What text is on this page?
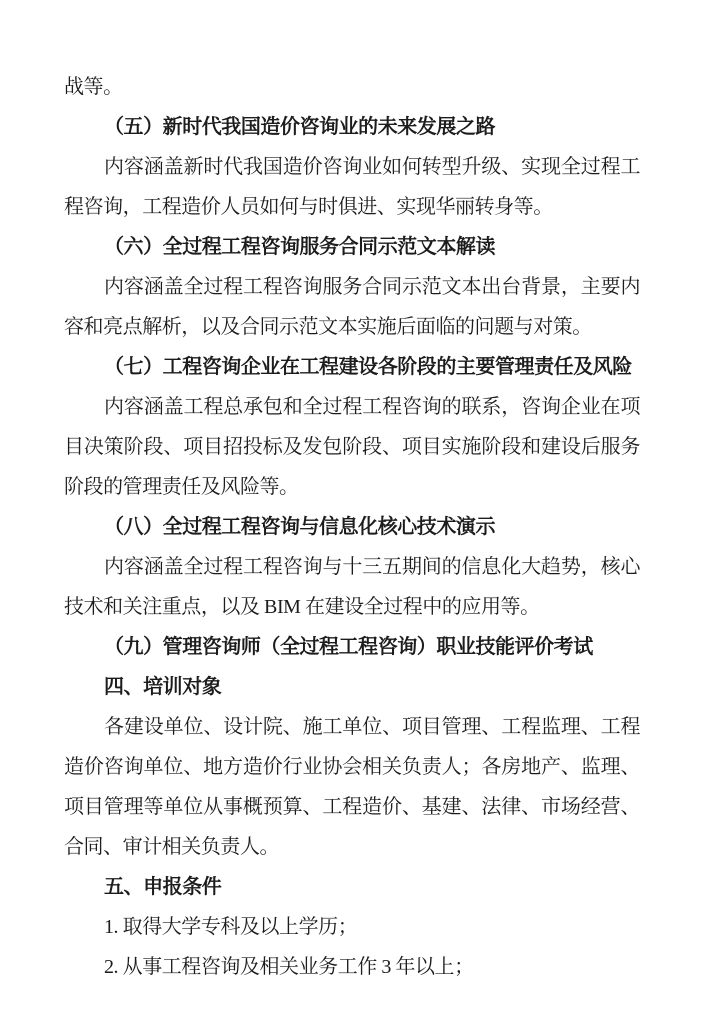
战等。

（五）新时代我国造价咨询业的未来发展之路

内容涵盖新时代我国造价咨询业如何转型升级、实现全过程工程咨询，工程造价人员如何与时俱进、实现华丽转身等。

（六）全过程工程咨询服务合同示范文本解读

内容涵盖全过程工程咨询服务合同示范文本出台背景，主要内容和亮点解析，以及合同示范文本实施后面临的问题与对策。

（七）工程咨询企业在工程建设各阶段的主要管理责任及风险

内容涵盖工程总承包和全过程工程咨询的联系，咨询企业在项目决策阶段、项目招投标及发包阶段、项目实施阶段和建设后服务阶段的管理责任及风险等。

（八）全过程工程咨询与信息化核心技术演示

内容涵盖全过程工程咨询与十三五期间的信息化大趋势，核心技术和关注重点，以及 BIM 在建设全过程中的应用等。

（九）管理咨询师（全过程工程咨询）职业技能评价考试

四、培训对象

各建设单位、设计院、施工单位、项目管理、工程监理、工程造价咨询单位、地方造价行业协会相关负责人；各房地产、监理、项目管理等单位从事概预算、工程造价、基建、法律、市场经营、合同、审计相关负责人。

五、申报条件

1. 取得大学专科及以上学历；

2. 从事工程咨询及相关业务工作 3 年以上；
